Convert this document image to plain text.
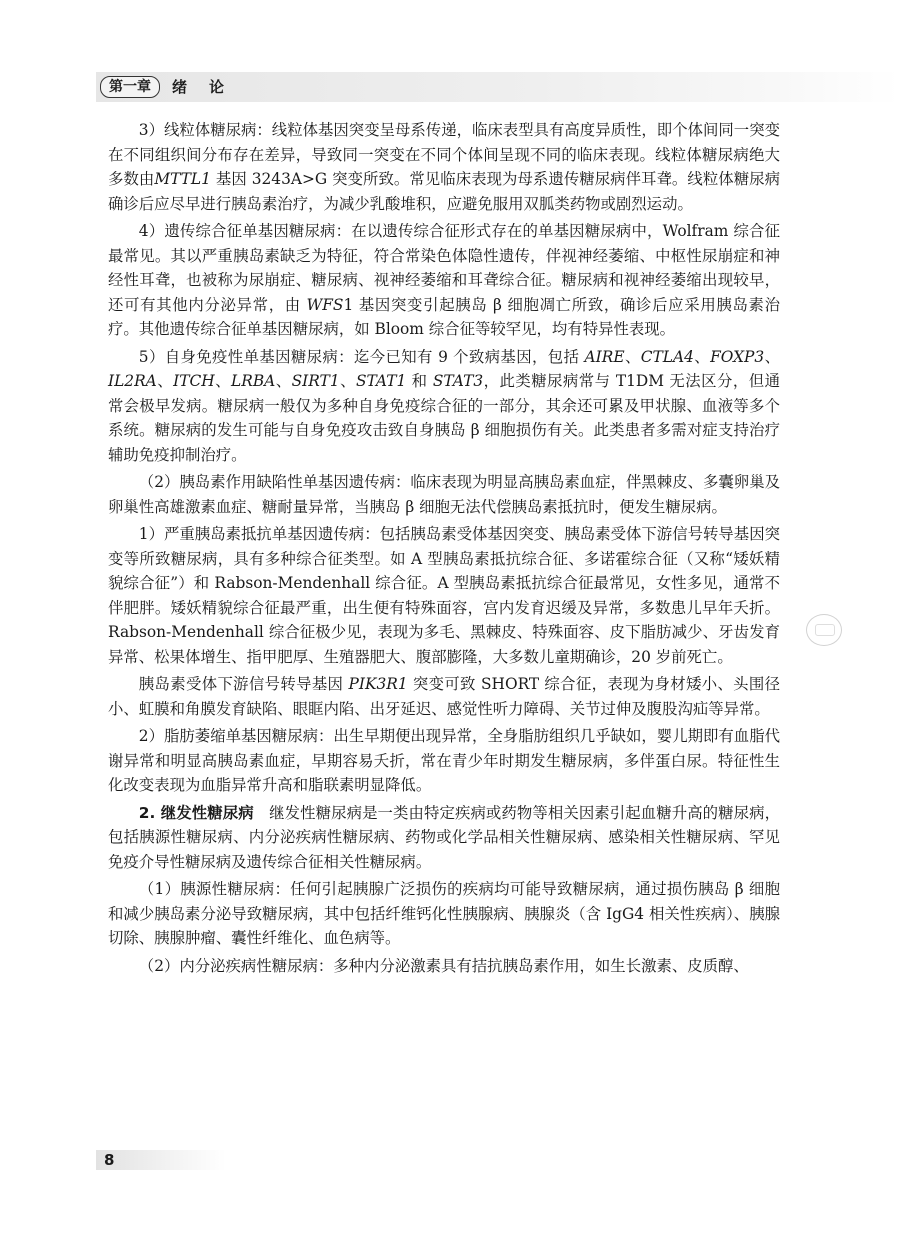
第一章	绪论

3）线粒体糖尿病：线粒体基因突变呈母系传递，临床表型具有高度异质性，即个体间同一突变在不同组织间分布存在差异，导致同一突变在不同个体间呈现不同的临床表现。线粒体糖尿病绝大多数由MTTL1 基因 3243A>G 突变所致。常见临床表现为母系遗传糖尿病伴耳聋。线粒体糖尿病确诊后应尽早进行胰岛素治疗，为减少乳酸堆积，应避免服用双胍类药物或剧烈运动。

4）遗传综合征单基因糖尿病：在以遗传综合征形式存在的单基因糖尿病中，Wolfram 综合征最常见。其以严重胰岛素缺乏为特征，符合常染色体隐性遗传，伴视神经萎缩、中枢性尿崩症和神经性耳聋，也被称为尿崩症、糖尿病、视神经萎缩和耳聋综合征。糖尿病和视神经萎缩出现较早，还可有其他内分泌异常，由 WFS1 基因突变引起胰岛 β 细胞凋亡所致，确诊后应采用胰岛素治疗。其他遗传综合征单基因糖尿病，如 Bloom 综合征等较罕见，均有特异性表现。

5）自身免疫性单基因糖尿病：迄今已知有 9 个致病基因，包括 AIRE、CTLA4、FOXP3、IL2RA、ITCH、LRBA、SIRT1、STAT1 和 STAT3，此类糖尿病常与 T1DM 无法区分，但通常会极早发病。糖尿病一般仅为多种自身免疫综合征的一部分，其余还可累及甲状腺、血液等多个系统。糖尿病的发生可能与自身免疫攻击致自身胰岛 β 细胞损伤有关。此类患者多需对症支持治疗辅助免疫抑制治疗。

（2）胰岛素作用缺陷性单基因遗传病：临床表现为明显高胰岛素血症，伴黑棘皮、多囊卵巢及卵巢性高雄激素血症、糖耐量异常，当胰岛 β 细胞无法代偿胰岛素抵抗时，便发生糖尿病。

1）严重胰岛素抵抗单基因遗传病：包括胰岛素受体基因突变、胰岛素受体下游信号转导基因突变等所致糖尿病，具有多种综合征类型。如 A 型胰岛素抵抗综合征、多诺霍综合征（又称“矮妖精貌综合征”）和 Rabson-Mendenhall 综合征。A 型胰岛素抵抗综合征最常见，女性多见，通常不伴肥胖。矮妖精貌综合征最严重，出生便有特殊面容，宫内发育迟缓及异常，多数患儿早年夭折。Rabson-Mendenhall 综合征极少见，表现为多毛、黑棘皮、特殊面容、皮下脂肪减少、牙齿发育异常、松果体增生、指甲肥厚、生殖器肥大、腹部膨隆，大多数儿童期确诊，20 岁前死亡。

胰岛素受体下游信号转导基因 PIK3R1 突变可致 SHORT 综合征，表现为身材矮小、头围径小、虹膜和角膜发育缺陷、眼眶内陷、出牙延迟、感觉性听力障碍、关节过伸及腹股沟疝等异常。

2）脂肪萎缩单基因糖尿病：出生早期便出现异常，全身脂肪组织几乎缺如，婴儿期即有血脂代谢异常和明显高胰岛素血症，早期容易夭折，常在青少年时期发生糖尿病，多伴蛋白尿。特征性生化改变表现为血脂异常升高和脂联素明显降低。

2. 继发性糖尿病　继发性糖尿病是一类由特定疾病或药物等相关因素引起血糖升高的糖尿病，包括胰源性糖尿病、内分泌疾病性糖尿病、药物或化学品相关性糖尿病、感染相关性糖尿病、罕见免疫介导性糖尿病及遗传综合征相关性糖尿病。

（1）胰源性糖尿病：任何引起胰腺广泛损伤的疾病均可能导致糖尿病，通过损伤胰岛 β 细胞和减少胰岛素分泌导致糖尿病，其中包括纤维钙化性胰腺病、胰腺炎（含 IgG4 相关性疾病）、胰腺切除、胰腺肿瘤、囊性纤维化、血色病等。

（2）内分泌疾病性糖尿病：多种内分泌激素具有拮抗胰岛素作用，如生长激素、皮质醇、

8
